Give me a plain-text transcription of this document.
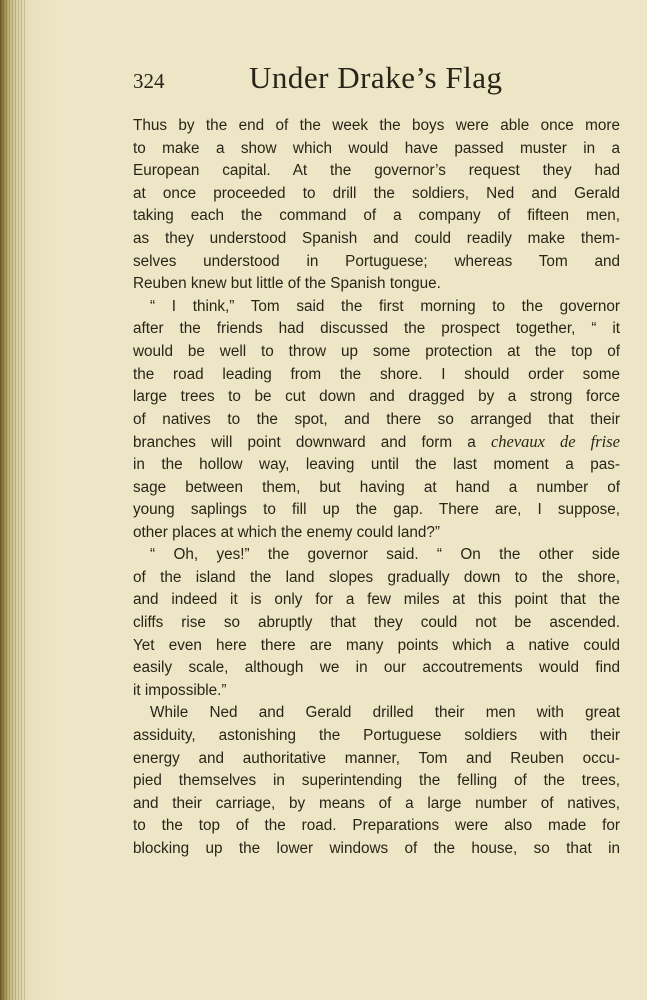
324	Under Drake’s Flag
Thus by the end of the week the boys were able once more
to make a show which would have passed muster in a
European capital. At the governor’s request they had
at once proceeded to drill the soldiers, Ned and Gerald
taking each the command of a company of fifteen men,
as they understood Spanish and could readily make them-
selves understood in Portuguese; whereas Tom and
Reuben knew but little of the Spanish tongue.
“ I think,” Tom said the first morning to the governor
after the friends had discussed the prospect together, “ it
would be well to throw up some protection at the top of
the road leading from the shore. I should order some
large trees to be cut down and dragged by a strong force
of natives to the spot, and there so arranged that their
branches will point downward and form a chevaux de frise
in the hollow way, leaving until the last moment a pas-
sage between them, but having at hand a number of
young saplings to fill up the gap. There are, I suppose,
other places at which the enemy could land?”
“ Oh, yes!” the governor said. “ On the other side
of the island the land slopes gradually down to the shore,
and indeed it is only for a few miles at this point that the
cliffs rise so abruptly that they could not be ascended.
Yet even here there are many points which a native could
easily scale, although we in our accoutrements would find
it impossible.”
While Ned and Gerald drilled their men with great
assiduity, astonishing the Portuguese soldiers with their
energy and authoritative manner, Tom and Reuben occu-
pied themselves in superintending the felling of the trees,
and their carriage, by means of a large number of natives,
to the top of the road. Preparations were also made for
blocking up the lower windows of the house, so that in
